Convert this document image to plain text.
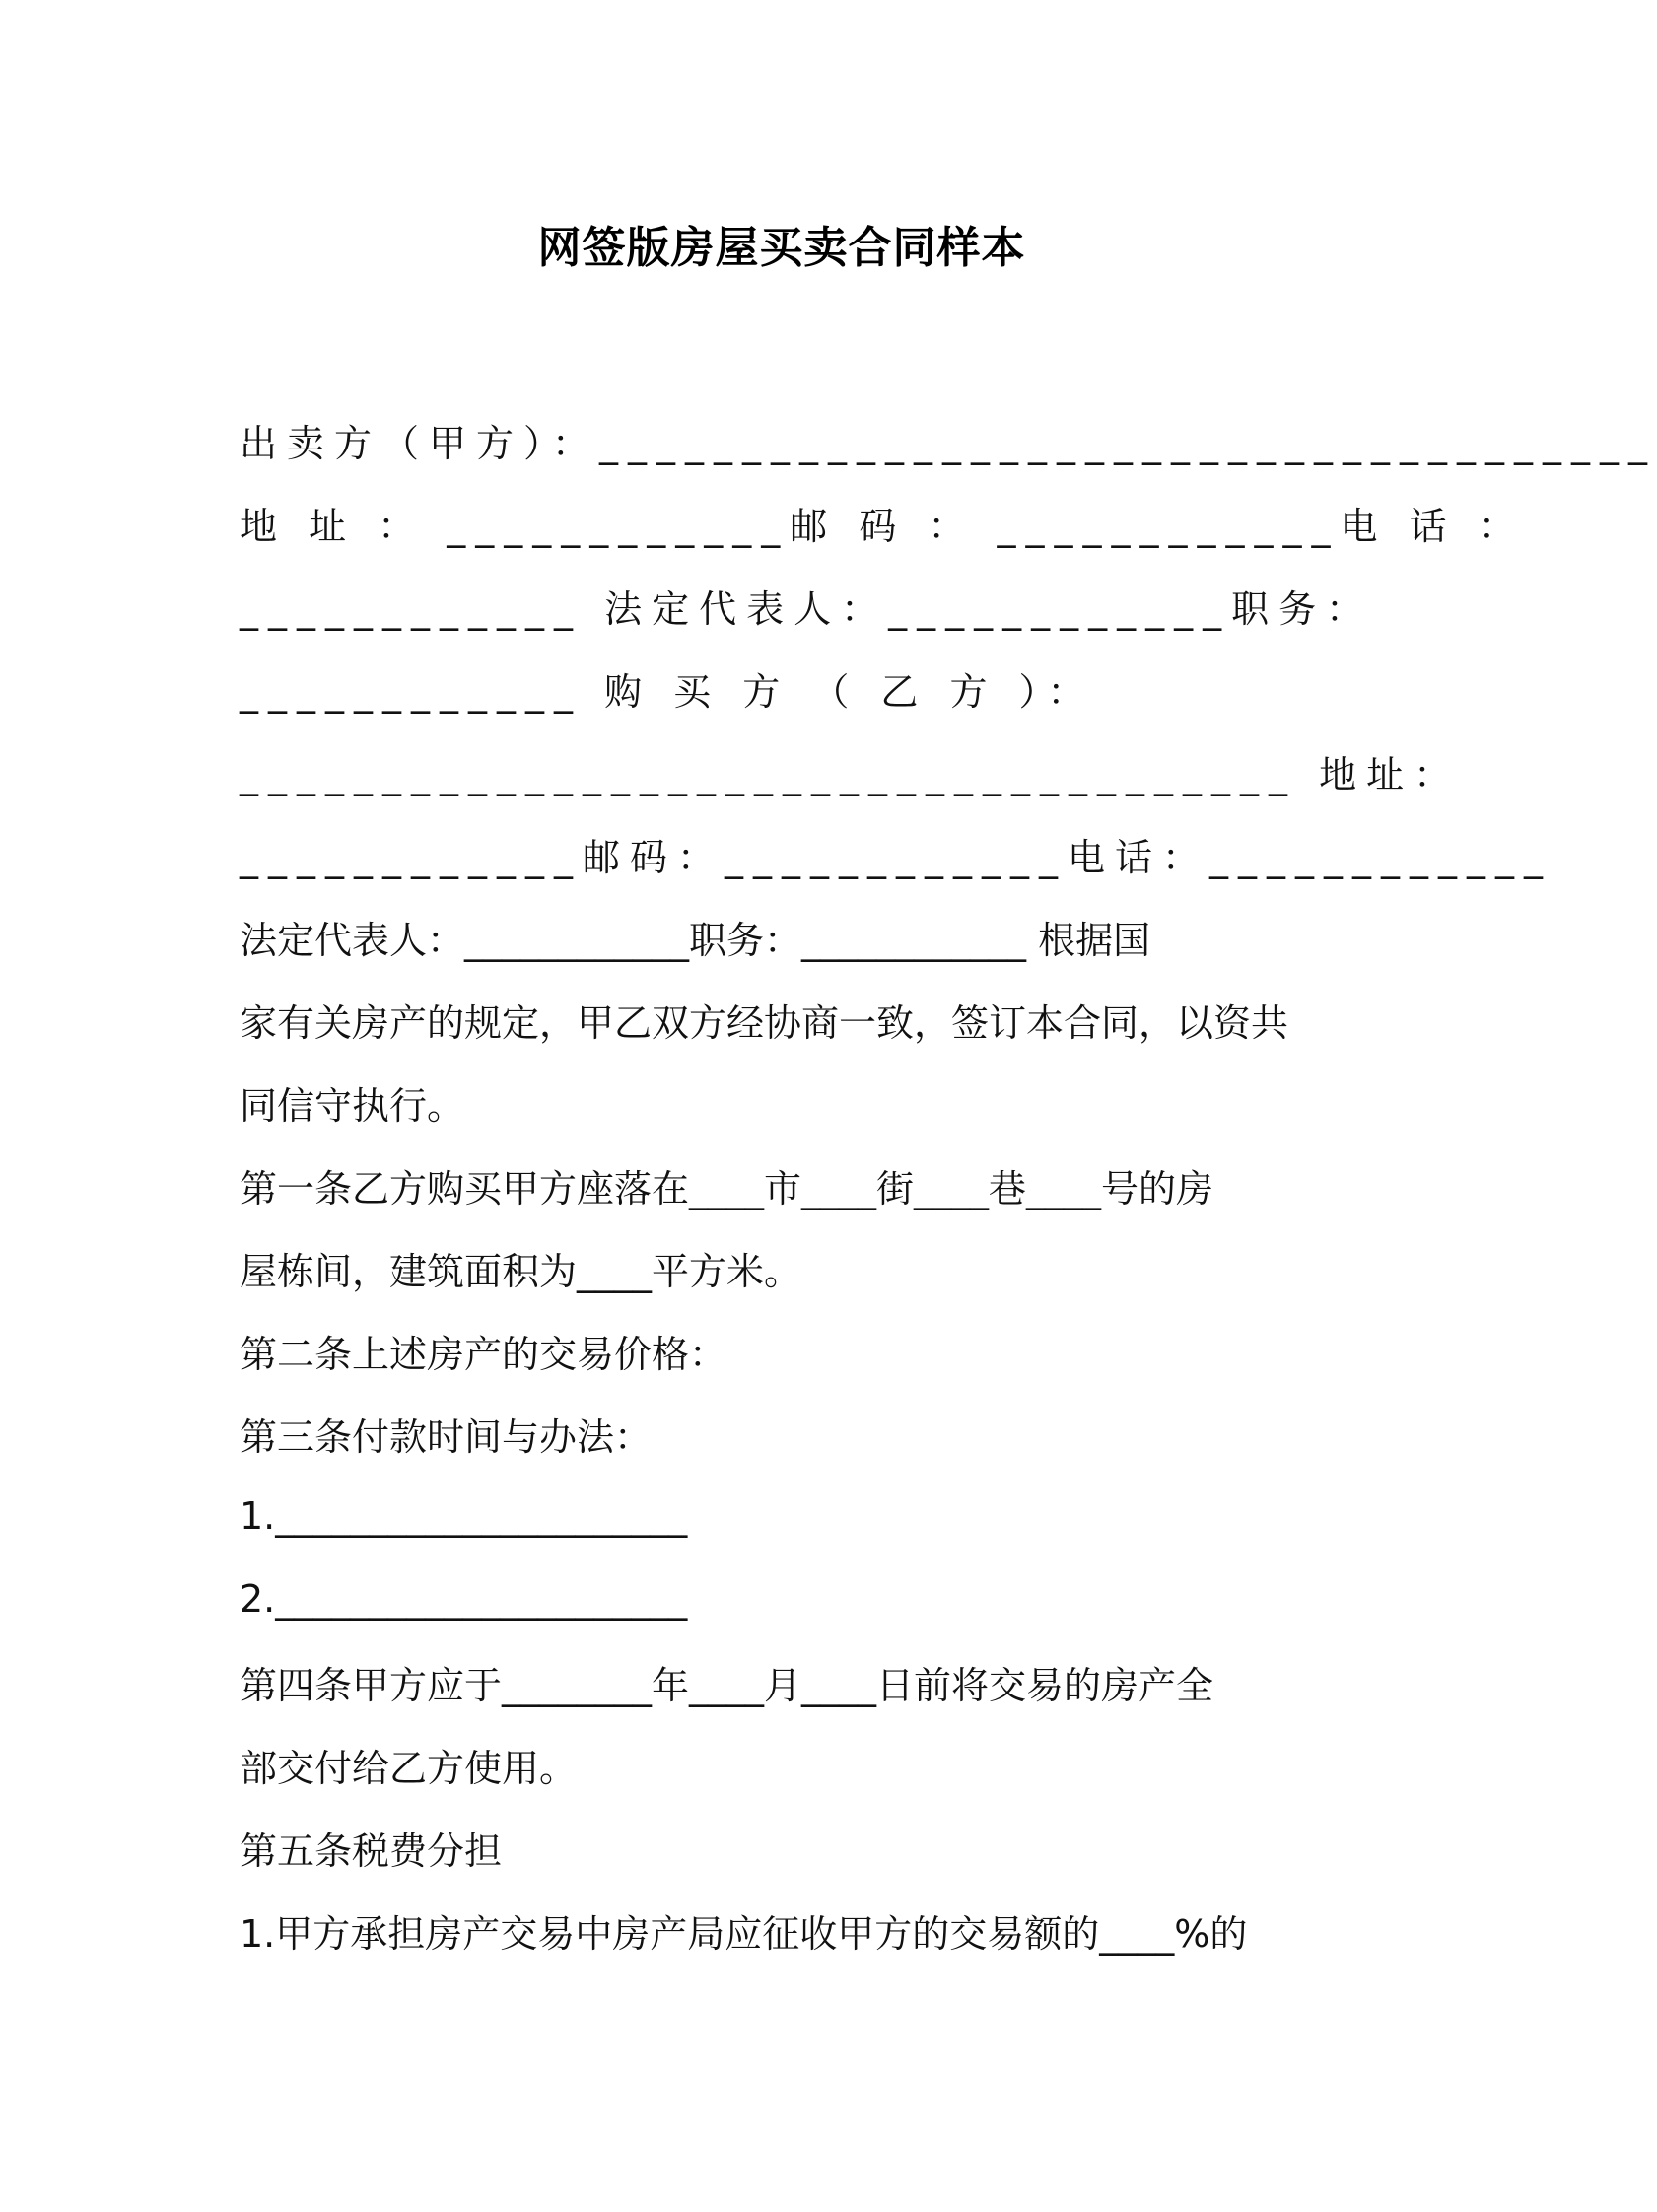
网签版房屋买卖合同样本
出卖方（甲方）：_____________________________________
地 址 ： ____________邮 码 ： ____________电 话 ：
____________ 法定代表人：____________职务：
____________ 购 买 方 （ 乙 方 ）：
_____________________________________ 地址：
____________邮码：____________电话：____________
法定代表人：____________职务：____________ 根据国
家有关房产的规定，甲乙双方经协商一致，签订本合同，以资共
同信守执行。
第一条乙方购买甲方座落在____市____街____巷____号的房
屋栋间，建筑面积为____平方米。
第二条上述房产的交易价格：
第三条付款时间与办法：
1.______________________
2.______________________
第四条甲方应于________年____月____日前将交易的房产全
部交付给乙方使用。
第五条税费分担
1.甲方承担房产交易中房产局应征收甲方的交易额的____%的
